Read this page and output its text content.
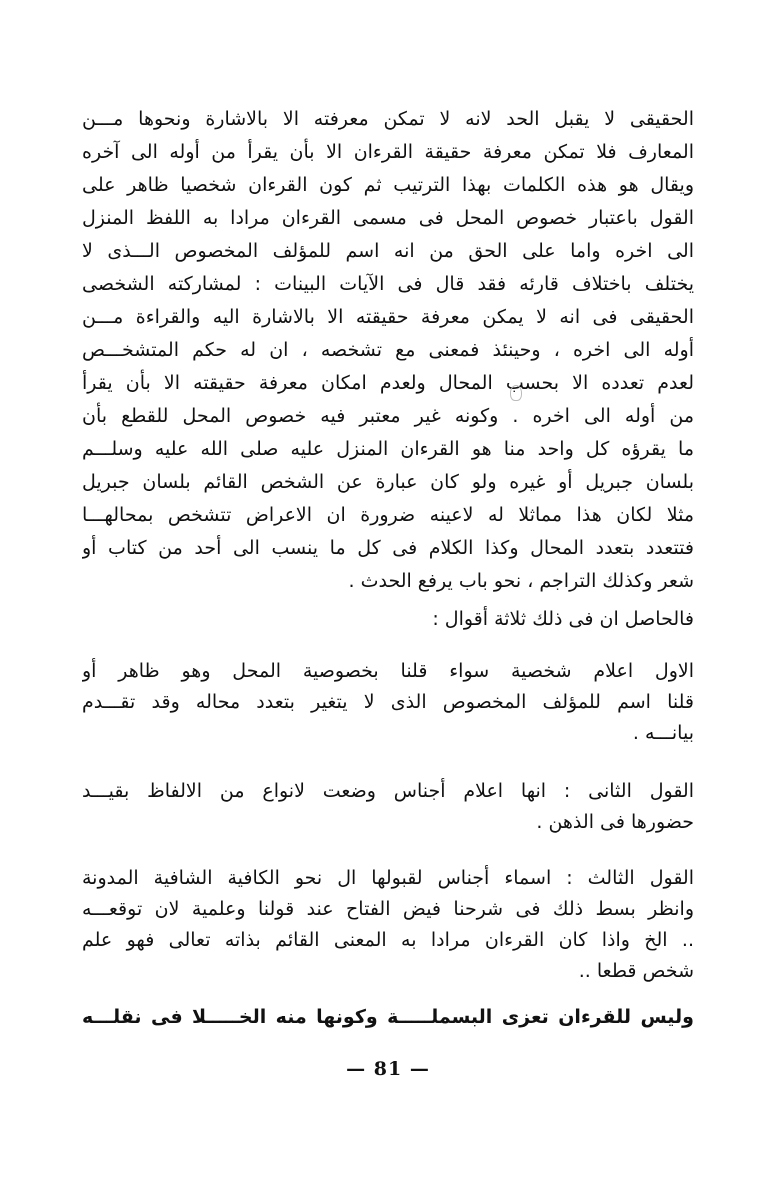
الحقيقى لا يقبل الحد لانه لا تمكن معرفته الا بالاشارة ونحوها مـــن
المعارف فلا تمكن معرفة حقيقة القرءان الا بأن يقرأ من أوله الى آخره
ويقال هو هذه الكلمات بهذا الترتيب ثم كون القرءان شخصيا ظاهر على
القول باعتبار خصوص المحل فى مسمى القرءان مرادا به اللفظ المنزل
الى اخره واما على الحق من انه اسم للمؤلف المخصوص الـــذى لا
يختلف باختلاف قارئه فقد قال فى الآيات البينات : لمشاركته الشخصى
الحقيقى فى انه لا يمكن معرفة حقيقته الا بالاشارة اليه والقراءة مـــن
أوله الى اخره ، وحينئذ فمعنى مع تشخصه ، ان له حكم المتشخـــص
لعدم تعدده الا بحسب المحال ولعدم امكان معرفة حقيقته الا بأن يقرأ
من أوله الى اخره . وكونه غير معتبر فيه خصوص المحل للقطع بأن
ما يقرؤه كل واحد منا هو القرءان المنزل عليه صلى الله عليه وسلـــم
بلسان جبريل أو غيره ولو كان عبارة عن الشخص القائم بلسان جبريل
مثلا لكان هذا مماثلا له لاعينه ضرورة ان الاعراض تتشخص بمحالهـــا
فتتعدد بتعدد المحال وكذا الكلام فى كل ما ينسب الى أحد من كتاب أو
شعر وكذلك التراجم ، نحو باب يرفع الحدث .
فالحاصل ان فى ذلك ثلاثة أقوال :
الاول اعلام شخصية سواء قلنا بخصوصية المحل وهو ظاهر أو
قلنا اسم للمؤلف المخصوص الذى لا يتغير بتعدد محاله وقد تقـــدم
بيانـــه .
القول الثانى : انها اعلام أجناس وضعت لانواع من الالفاظ بقيـــد
حضورها فى الذهن .
القول الثالث : اسماء أجناس لقبولها ال نحو الكافية الشافية المدونة
وانظر بسط ذلك فى شرحنا فيض الفتاح عند قولنا وعلمية لان توقعـــه
.. الخ واذا كان القرءان مرادا به المعنى القائم بذاته تعالى فهو علم
شخص قطعا ..
وليس للقرءان تعزى البسملـــــة وكونها منه الخـــــلا فى نقلـــه
— 81 —
